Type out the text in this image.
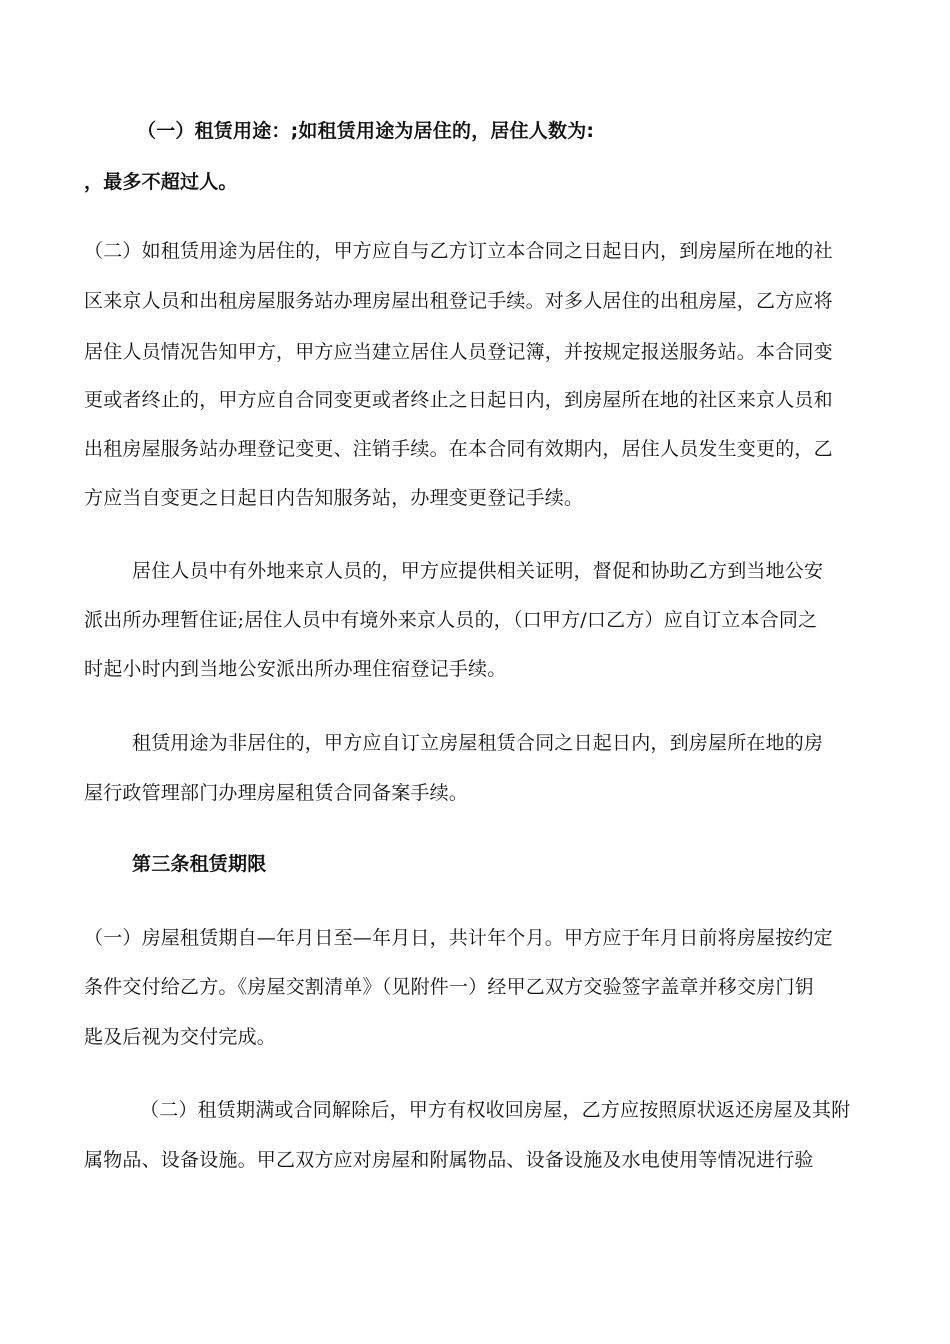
（一）租赁用途：;如租赁用途为居住的，居住人数为:
，最多不超过人。
（二）如租赁用途为居住的，甲方应自与乙方订立本合同之日起日内，到房屋所在地的社
区来京人员和出租房屋服务站办理房屋出租登记手续。对多人居住的出租房屋，乙方应将
居住人员情况告知甲方，甲方应当建立居住人员登记簿，并按规定报送服务站。本合同变
更或者终止的，甲方应自合同变更或者终止之日起日内，到房屋所在地的社区来京人员和
出租房屋服务站办理登记变更、注销手续。在本合同有效期内，居住人员发生变更的，乙
方应当自变更之日起日内告知服务站，办理变更登记手续。
居住人员中有外地来京人员的，甲方应提供相关证明，督促和协助乙方到当地公安
派出所办理暂住证;居住人员中有境外来京人员的，（口甲方/口乙方）应自订立本合同之
时起小时内到当地公安派出所办理住宿登记手续。
租赁用途为非居住的，甲方应自订立房屋租赁合同之日起日内，到房屋所在地的房
屋行政管理部门办理房屋租赁合同备案手续。
第三条租赁期限
（一）房屋租赁期自—年月日至—年月日，共计年个月。甲方应于年月日前将房屋按约定
条件交付给乙方。《房屋交割清单》（见附件一）经甲乙双方交验签字盖章并移交房门钥
匙及后视为交付完成。
（二）租赁期满或合同解除后，甲方有权收回房屋，乙方应按照原状返还房屋及其附
属物品、设备设施。甲乙双方应对房屋和附属物品、设备设施及水电使用等情况进行验
